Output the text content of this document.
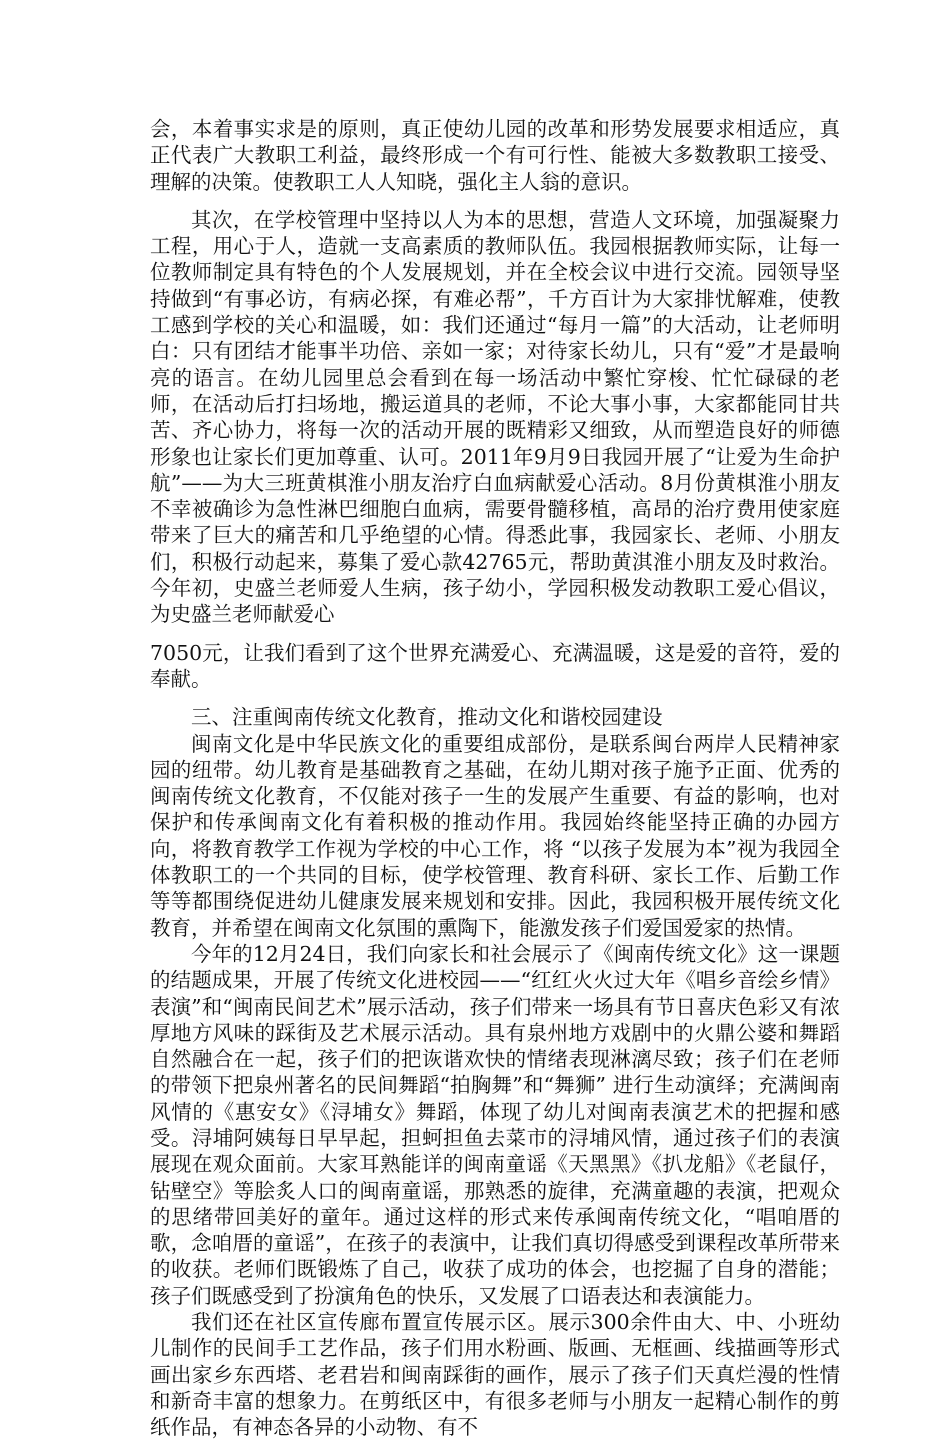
会，本着事实求是的原则，真正使幼儿园的改革和形势发展要求相适应，真正代表广大教职工利益，最终形成一个有可行性、能被大多数教职工接受、理解的决策。使教职工人人知晓，强化主人翁的意识。

其次，在学校管理中坚持以人为本的思想，营造人文环境，加强凝聚力工程，用心于人，造就一支高素质的教师队伍。我园根据教师实际，让每一位教师制定具有特色的个人发展规划，并在全校会议中进行交流。园领导坚持做到“有事必访，有病必探，有难必帮”，千方百计为大家排忧解难，使教工感到学校的关心和温暖，如：我们还通过“每月一篇”的大活动，让老师明白：只有团结才能事半功倍、亲如一家；对待家长幼儿，只有“爱”才是最响亮的语言。在幼儿园里总会看到在每一场活动中繁忙穿梭、忙忙碌碌的老师，在活动后打扫场地，搬运道具的老师，不论大事小事，大家都能同甘共苦、齐心协力，将每一次的活动开展的既精彩又细致，从而塑造良好的师德形象也让家长们更加尊重、认可。2011年9月9日我园开展了“让爱为生命护航”——为大三班黄棋淮小朋友治疗白血病献爱心活动。8月份黄棋淮小朋友不幸被确诊为急性淋巴细胞白血病，需要骨髓移植，高昂的治疗费用使家庭带来了巨大的痛苦和几乎绝望的心情。得悉此事，我园家长、老师、小朋友们，积极行动起来，募集了爱心款42765元，帮助黄淇淮小朋友及时救治。今年初，史盛兰老师爱人生病，孩子幼小，学园积极发动教职工爱心倡议，为史盛兰老师献爱心

7050元，让我们看到了这个世界充满爱心、充满温暖，这是爱的音符，爱的奉献。

三、注重闽南传统文化教育，推动文化和谐校园建设

闽南文化是中华民族文化的重要组成部份，是联系闽台两岸人民精神家园的纽带。幼儿教育是基础教育之基础，在幼儿期对孩子施予正面、优秀的闽南传统文化教育，不仅能对孩子一生的发展产生重要、有益的影响，也对保护和传承闽南文化有着积极的推动作用。我园始终能坚持正确的办园方向，将教育教学工作视为学校的中心工作，将 “以孩子发展为本”视为我园全体教职工的一个共同的目标，使学校管理、教育科研、家长工作、后勤工作等等都围绕促进幼儿健康发展来规划和安排。因此，我园积极开展传统文化教育，并希望在闽南文化氛围的熏陶下，能激发孩子们爱国爱家的热情。

今年的12月24日，我们向家长和社会展示了《闽南传统文化》这一课题的结题成果，开展了传统文化进校园——“红红火火过大年《唱乡音绘乡情》表演”和“闽南民间艺术”展示活动，孩子们带来一场具有节日喜庆色彩又有浓厚地方风味的踩街及艺术展示活动。具有泉州地方戏剧中的火鼎公婆和舞蹈自然融合在一起，孩子们的把诙谐欢快的情绪表现淋漓尽致；孩子们在老师的带领下把泉州著名的民间舞蹈“拍胸舞”和“舞狮” 进行生动演绎；充满闽南风情的《惠安女》《浔埔女》舞蹈，体现了幼儿对闽南表演艺术的把握和感受。浔埔阿姨每日早早起，担蚵担鱼去菜市的浔埔风情，通过孩子们的表演展现在观众面前。大家耳熟能详的闽南童谣《天黑黑》《扒龙船》《老鼠仔，钻壁空》等脍炙人口的闽南童谣，那熟悉的旋律，充满童趣的表演，把观众的思绪带回美好的童年。通过这样的形式来传承闽南传统文化，“唱咱厝的歌，念咱厝的童谣”，在孩子的表演中，让我们真切得感受到课程改革所带来的收获。老师们既锻炼了自己，收获了成功的体会，也挖掘了自身的潜能；孩子们既感受到了扮演角色的快乐，又发展了口语表达和表演能力。

我们还在社区宣传廊布置宣传展示区。展示300余件由大、中、小班幼儿制作的民间手工艺作品，孩子们用水粉画、版画、无框画、线描画等形式画出家乡东西塔、老君岩和闽南踩街的画作，展示了孩子们天真烂漫的性情和新奇丰富的想象力。在剪纸区中，有很多老师与小朋友一起精心制作的剪纸作品，有神态各异的小动物、有不
